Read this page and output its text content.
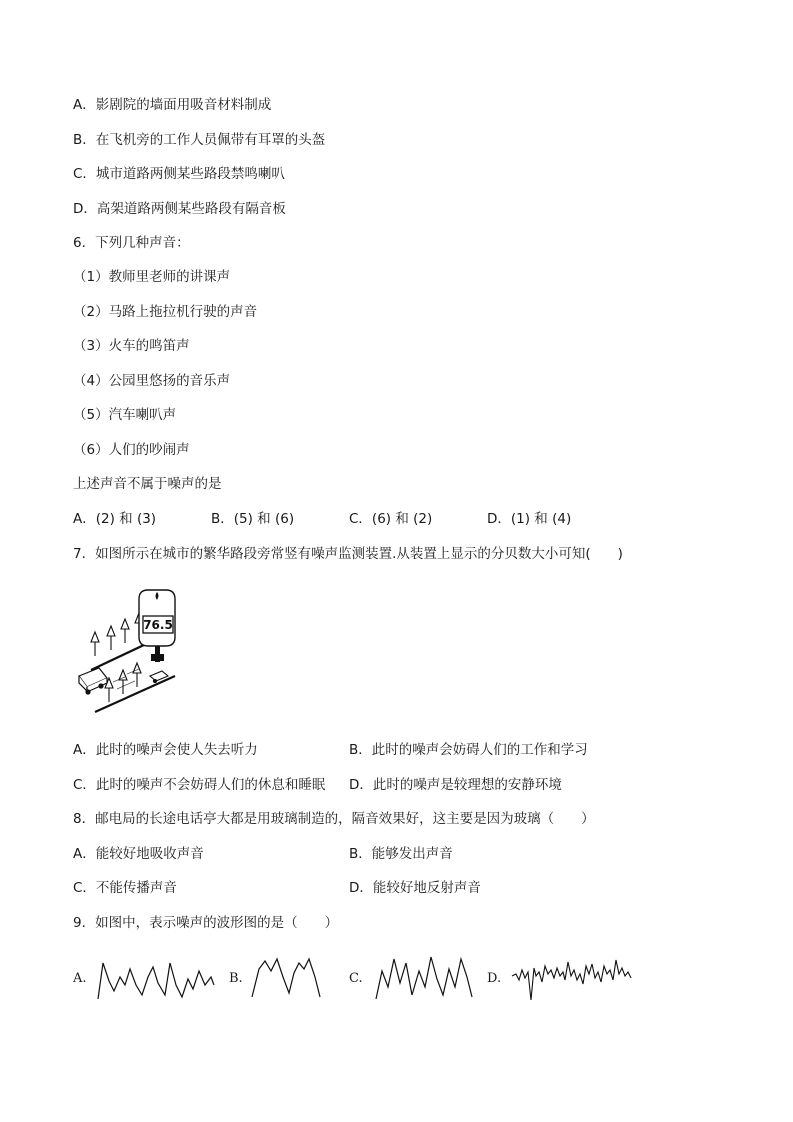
A．影剧院的墙面用吸音材料制成
B．在飞机旁的工作人员佩带有耳罩的头盔
C．城市道路两侧某些路段禁鸣喇叭
D．高架道路两侧某些路段有隔音板
6．下列几种声音：
（1）教师里老师的讲课声
（2）马路上拖拉机行驶的声音
（3）火车的鸣笛声
（4）公园里悠扬的音乐声
（5）汽车喇叭声
（6）人们的吵闹声
上述声音不属于噪声的是
A．(2) 和 (3)	B．(5) 和 (6)	C．(6) 和 (2)	D．(1) 和 (4)
7．如图所示在城市的繁华路段旁常竖有噪声监测装置.从装置上显示的分贝数大小可知(　　)
76.5
A．此时的噪声会使人失去听力	B．此时的噪声会妨碍人们的工作和学习
C．此时的噪声不会妨碍人们的休息和睡眠 D．此时的噪声是较理想的安静环境
8．邮电局的长途电话亭大都是用玻璃制造的，隔音效果好，这主要是因为玻璃（　　）
A．能较好地吸收声音	B．能够发出声音
C．不能传播声音	D．能较好地反射声音
9．如图中，表示噪声的波形图的是（　　）
A.	B.	C.	D.
